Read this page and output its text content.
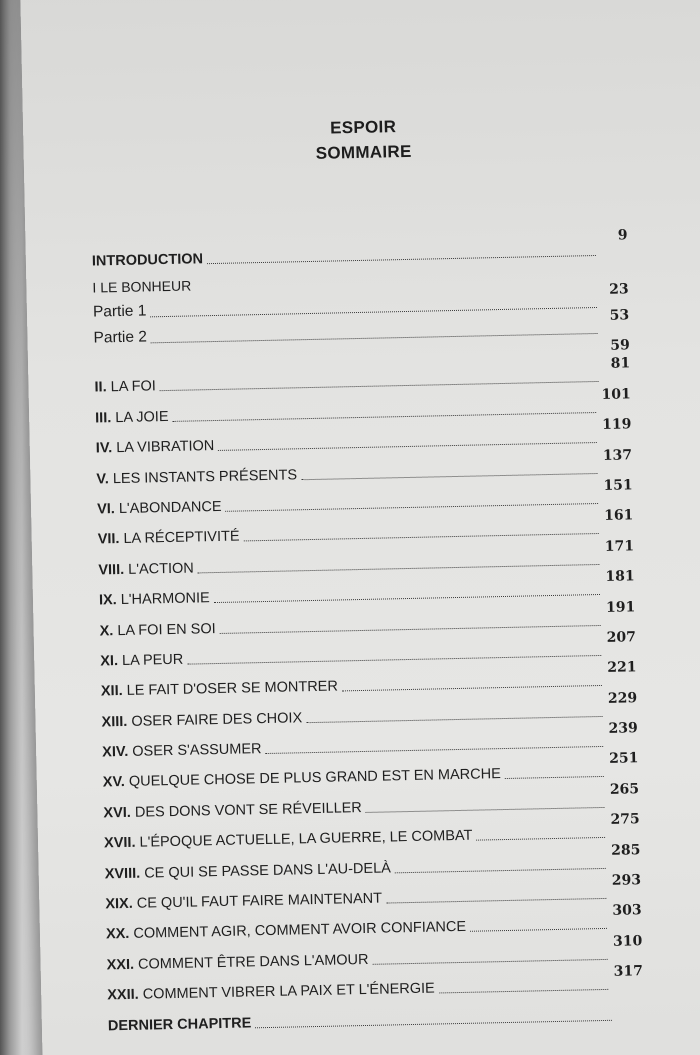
ESPOIR
SOMMAIRE
INTRODUCTION
9
I LE BONHEUR
Partie 1
23
Partie 2
53
59
II. LA FOI
81
III. LA JOIE
101
IV. LA VIBRATION
119
V. LES INSTANTS PRÉSENTS
137
VI. L'ABONDANCE
151
VII. LA RÉCEPTIVITÉ
161
VIII. L'ACTION
171
IX. L'HARMONIE
181
X. LA FOI EN SOI
191
XI. LA PEUR
207
XII. LE FAIT D'OSER SE MONTRER
221
XIII. OSER FAIRE DES CHOIX
229
XIV. OSER S'ASSUMER
239
XV. QUELQUE CHOSE DE PLUS GRAND EST EN MARCHE
251
XVI. DES DONS VONT SE RÉVEILLER
265
XVII. L'ÉPOQUE ACTUELLE, LA GUERRE, LE COMBAT
275
XVIII. CE QUI SE PASSE DANS L'AU-DELÀ
285
XIX. CE QU'IL FAUT FAIRE MAINTENANT
293
XX. COMMENT AGIR, COMMENT AVOIR CONFIANCE
303
XXI. COMMENT ÊTRE DANS L'AMOUR
310
XXII. COMMENT VIBRER LA PAIX ET L'ÉNERGIE
317
DERNIER CHAPITRE
